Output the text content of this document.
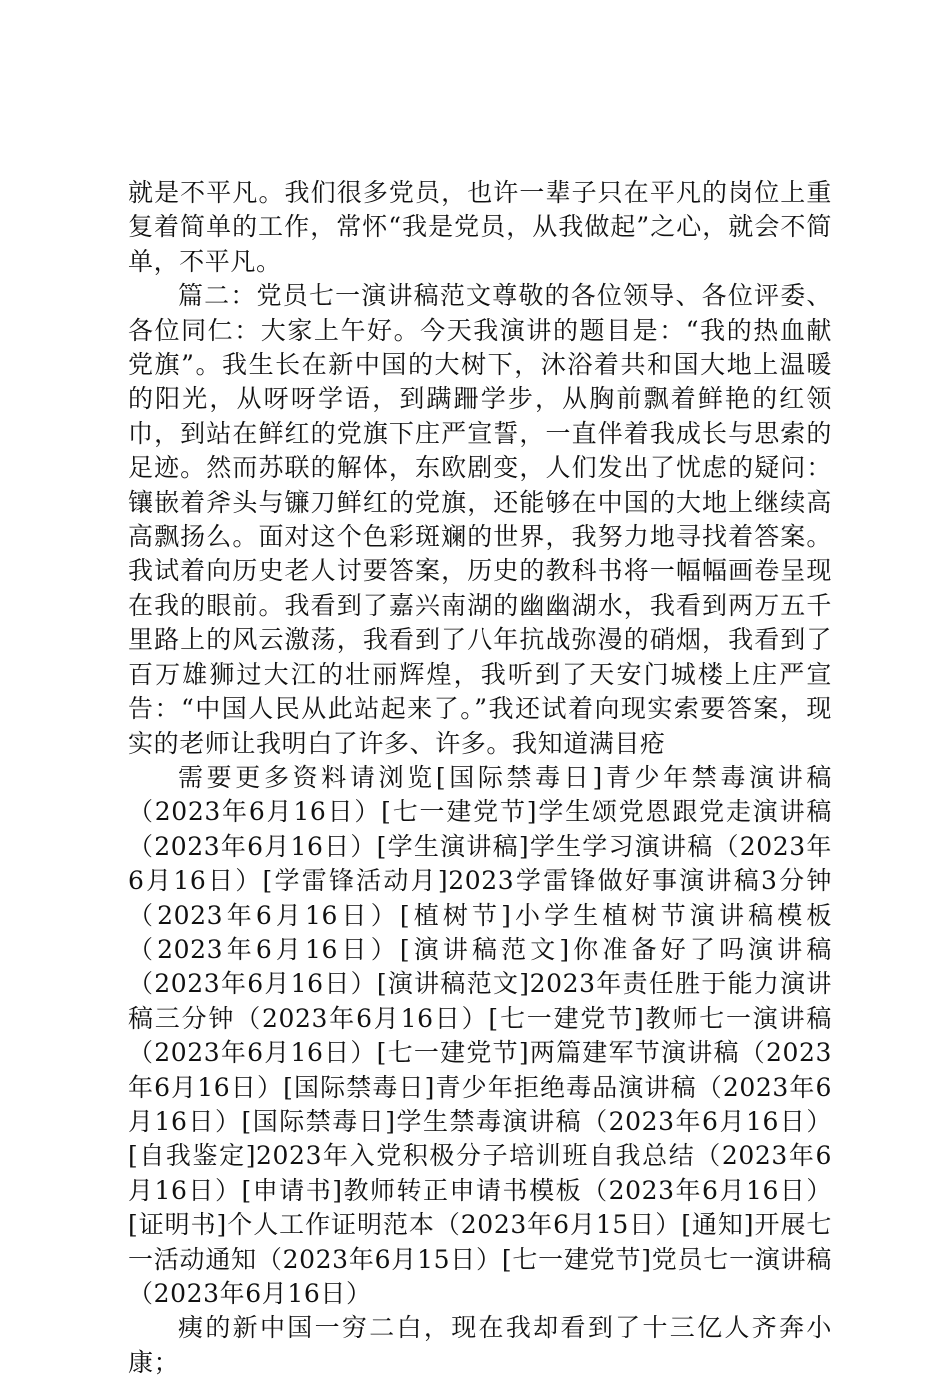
就是不平凡。我们很多党员，也许一辈子只在平凡的岗位上重复着简单的工作，常怀“我是党员，从我做起”之心，就会不简单，不平凡。

篇二：党员七一演讲稿范文尊敬的各位领导、各位评委、各位同仁：大家上午好。今天我演讲的题目是：“我的热血献党旗”。我生长在新中国的大树下，沐浴着共和国大地上温暖的阳光，从呀呀学语，到蹒跚学步，从胸前飘着鲜艳的红领巾，到站在鲜红的党旗下庄严宣誓，一直伴着我成长与思索的足迹。然而苏联的解体，东欧剧变，人们发出了忧虑的疑问：镶嵌着斧头与镰刀鲜红的党旗，还能够在中国的大地上继续高高飘扬么。面对这个色彩斑斓的世界，我努力地寻找着答案。我试着向历史老人讨要答案，历史的教科书将一幅幅画卷呈现在我的眼前。我看到了嘉兴南湖的幽幽湖水，我看到两万五千里路上的风云激荡，我看到了八年抗战弥漫的硝烟，我看到了百万雄狮过大江的壮丽辉煌，我听到了天安门城楼上庄严宣告：“中国人民从此站起来了。”我还试着向现实索要答案，现实的老师让我明白了许多、许多。我知道满目疮

需要更多资料请浏览[国际禁毒日]青少年禁毒演讲稿（2023年6月16日）[七一建党节]学生颂党恩跟党走演讲稿（2023年6月16日）[学生演讲稿]学生学习演讲稿（2023年6月16日）[学雷锋活动月]2023学雷锋做好事演讲稿3分钟（2023年6月16日）[植树节]小学生植树节演讲稿模板（2023年6月16日）[演讲稿范文]你准备好了吗演讲稿（2023年6月16日）[演讲稿范文]2023年责任胜于能力演讲稿三分钟（2023年6月16日）[七一建党节]教师七一演讲稿（2023年6月16日）[七一建党节]两篇建军节演讲稿（2023年6月16日）[国际禁毒日]青少年拒绝毒品演讲稿（2023年6月16日）[国际禁毒日]学生禁毒演讲稿（2023年6月16日）[自我鉴定]2023年入党积极分子培训班自我总结（2023年6月16日）[申请书]教师转正申请书模板（2023年6月16日）[证明书]个人工作证明范本（2023年6月15日）[通知]开展七一活动通知（2023年6月15日）[七一建党节]党员七一演讲稿（2023年6月16日）

痍的新中国一穷二白，现在我却看到了十三亿人齐奔小康；
